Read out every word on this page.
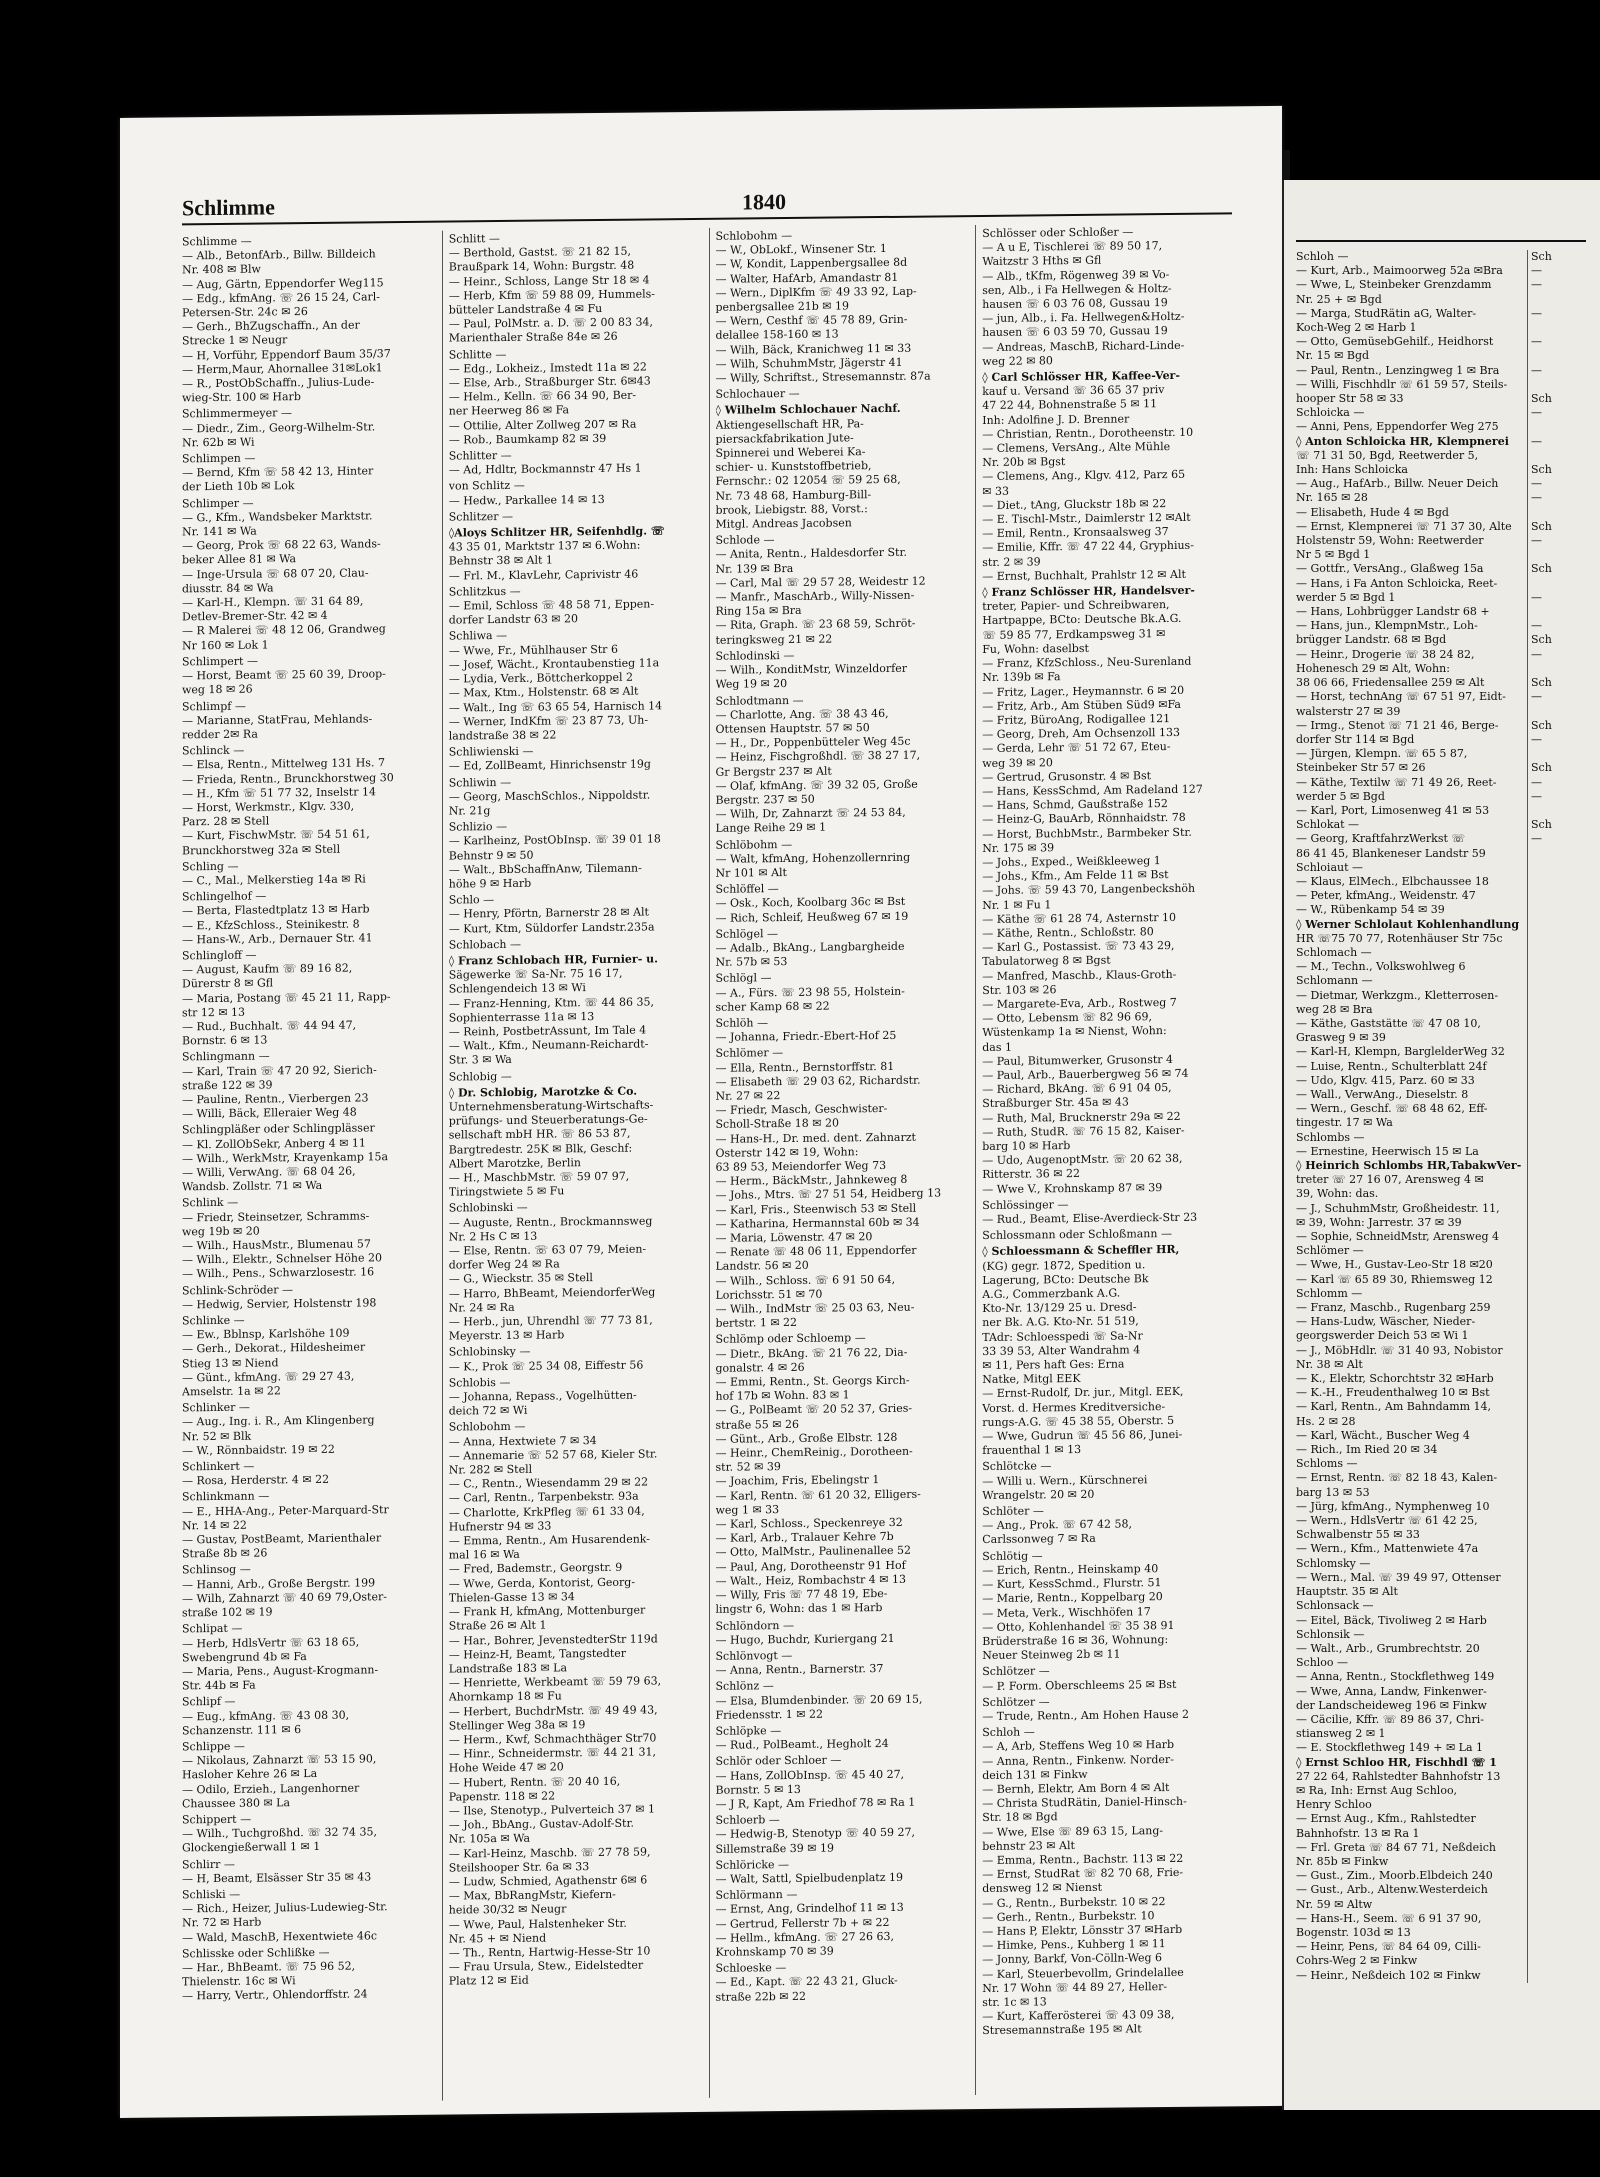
Schlimme	1840

Schlimme —

— Alb., BetonfArb., Billw. Billdeich

Nr. 408 ✉ Blw

— Aug, Gärtn, Eppendorfer Weg115

— Edg., kfmAng. ☏ 26 15 24, Carl-

Petersen-Str. 24c ✉ 26

— Gerh., BhZugschaffn., An der

Strecke 1 ✉ Neugr

— H, Vorführ, Eppendorf Baum 35/37

— Herm,Maur, Ahornallee 31✉Lok1

— R., PostObSchaffn., Julius-Lude-

wieg-Str. 100 ✉ Harb

Schlimmermeyer —

— Diedr., Zim., Georg-Wilhelm-Str.

Nr. 62b ✉ Wi

Schlimpen —

— Bernd, Kfm ☏ 58 42 13, Hinter

der Lieth 10b ✉ Lok

Schlimper —

— G., Kfm., Wandsbeker Marktstr.

Nr. 141 ✉ Wa

— Georg, Prok ☏ 68 22 63, Wands-

beker Allee 81 ✉ Wa

— Inge-Ursula ☏ 68 07 20, Clau-

diusstr. 84 ✉ Wa

— Karl-H., Klempn. ☏ 31 64 89,

Detlev-Bremer-Str. 42 ✉ 4

— R Malerei ☏ 48 12 06, Grandweg

Nr 160 ✉ Lok 1

Schlimpert —

— Horst, Beamt ☏ 25 60 39, Droop-

weg 18 ✉ 26

Schlimpf —

— Marianne, StatFrau, Mehlands-

redder 2✉ Ra

Schlinck —

— Elsa, Rentn., Mittelweg 131 Hs. 7

— Frieda, Rentn., Brunckhorstweg 30

— H., Kfm ☏ 51 77 32, Inselstr 14

— Horst, Werkmstr., Klgv. 330,

Parz. 28 ✉ Stell

— Kurt, FischwMstr. ☏ 54 51 61,

Brunckhorstweg 32a ✉ Stell

Schling —

— C., Mal., Melkerstieg 14a ✉ Ri

Schlingelhof —

— Berta, Flastedtplatz 13 ✉ Harb

— E., KfzSchloss., Steinikestr. 8

— Hans-W., Arb., Dernauer Str. 41

Schlingloff —

— August, Kaufm ☏ 89 16 82,

Dürerstr 8 ✉ Gfl

— Maria, Postang ☏ 45 21 11, Rapp-

str 12 ✉ 13

— Rud., Buchhalt. ☏ 44 94 47,

Bornstr. 6 ✉ 13

Schlingmann —

— Karl, Train ☏ 47 20 92, Sierich-

straße 122 ✉ 39

— Pauline, Rentn., Vierbergen 23

— Willi, Bäck, Elleraier Weg 48

Schlingpläßer oder Schlingplässer

— Kl. ZollObSekr, Anberg 4 ✉ 11

— Wilh., WerkMstr, Krayenkamp 15a

— Willi, VerwAng. ☏ 68 04 26,

Wandsb. Zollstr. 71 ✉ Wa

Schlink —

— Friedr, Steinsetzer, Schramms-

weg 19b ✉ 20

— Wilh., HausMstr., Blumenau 57

— Wilh., Elektr., Schnelser Höhe 20

— Wilh., Pens., Schwarzlosestr. 16

Schlink-Schröder —

— Hedwig, Servier, Holstenstr 198

Schlinke —

— Ew., Bblnsp, Karlshöhe 109

— Gerh., Dekorat., Hildesheimer

Stieg 13 ✉ Niend

— Günt., kfmAng. ☏ 29 27 43,

Amselstr. 1a ✉ 22

Schlinker —

— Aug., Ing. i. R., Am Klingenberg

Nr. 52 ✉ Blk

— W., Rönnbaidstr. 19 ✉ 22

Schlinkert —

— Rosa, Herderstr. 4 ✉ 22

Schlinkmann —

— E., HHA-Ang., Peter-Marquard-Str

Nr. 14 ✉ 22

— Gustav, PostBeamt, Marienthaler

Straße 8b ✉ 26

Schlinsog —

— Hanni, Arb., Große Bergstr. 199

— Wilh, Zahnarzt ☏ 40 69 79,Oster-

straße 102 ✉ 19

Schlipat —

— Herb, HdlsVertr ☏ 63 18 65,

Swebengrund 4b ✉ Fa

— Maria, Pens., August-Krogmann-

Str. 44b ✉ Fa

Schlipf —

— Eug., kfmAng. ☏ 43 08 30,

Schanzenstr. 111 ✉ 6

Schlippe —

— Nikolaus, Zahnarzt ☏ 53 15 90,

Hasloher Kehre 26 ✉ La

— Odilo, Erzieh., Langenhorner

Chaussee 380 ✉ La

Schippert —

— Wilh., Tuchgroßhd. ☏ 32 74 35,

Glockengießerwall 1 ✉ 1

Schlirr —

— H, Beamt, Elsässer Str 35 ✉ 43

Schliski —

— Rich., Heizer, Julius-Ludewieg-Str.

Nr. 72 ✉ Harb

— Wald, MaschB, Hexentwiete 46c

Schlisske oder Schlißke —

— Har., BhBeamt. ☏ 75 96 52,

Thielenstr. 16c ✉ Wi

— Harry, Vertr., Ohlendorffstr. 24

Schlitt —

— Berthold, Gastst. ☏ 21 82 15,

Braußpark 14, Wohn: Burgstr. 48

— Heinr., Schloss, Lange Str 18 ✉ 4

— Herb, Kfm ☏ 59 88 09, Hummels-

bütteler Landstraße 4 ✉ Fu

— Paul, PolMstr. a. D. ☏ 2 00 83 34,

Marienthaler Straße 84e ✉ 26

Schlitte —

— Edg., Lokheiz., Imstedt 11a ✉ 22

— Else, Arb., Straßburger Str. 6✉43

— Helm., Kelln. ☏ 66 34 90, Ber-

ner Heerweg 86 ✉ Fa

— Ottilie, Alter Zollweg 207 ✉ Ra

— Rob., Baumkamp 82 ✉ 39

Schlitter —

— Ad, Hdltr, Bockmannstr 47 Hs 1

von Schlitz —

— Hedw., Parkallee 14 ✉ 13

Schlitzer —

◊Aloys Schlitzer HR, Seifenhdlg. ☏

43 35 01, Marktstr 137 ✉ 6.Wohn:

Behnstr 38 ✉ Alt 1

— Frl. M., KlavLehr, Caprivistr 46

Schlitzkus —

— Emil, Schloss ☏ 48 58 71, Eppen-

dorfer Landstr 63 ✉ 20

Schliwa —

— Wwe, Fr., Mühlhauser Str 6

— Josef, Wächt., Krontaubenstieg 11a

— Lydia, Verk., Böttcherkoppel 2

— Max, Ktm., Holstenstr. 68 ✉ Alt

— Walt., Ing ☏ 63 65 54, Harnisch 14

— Werner, IndKfm ☏ 23 87 73, Uh-

landstraße 38 ✉ 22

Schliwienski —

— Ed, ZollBeamt, Hinrichsenstr 19g

Schliwin —

— Georg, MaschSchlos., Nippoldstr.

Nr. 21g

Schlizio —

— Karlheinz, PostObInsp. ☏ 39 01 18

Behnstr 9 ✉ 50

— Walt., BbSchaffnAnw, Tilemann-

höhe 9 ✉ Harb

Schlo —

— Henry, Pförtn, Barnerstr 28 ✉ Alt

— Kurt, Ktm, Süldorfer Landstr.235a

Schlobach —

◊ Franz Schlobach HR, Furnier- u.

Sägewerke ☏ Sa-Nr. 75 16 17,

Schlengendeich 13 ✉ Wi

— Franz-Henning, Ktm. ☏ 44 86 35,

Sophienterrasse 11a ✉ 13

— Reinh, PostbetrAssunt, Im Tale 4

— Walt., Kfm., Neumann-Reichardt-

Str. 3 ✉ Wa

Schlobig —

◊ Dr. Schlobig, Marotzke & Co.

Unternehmensberatung-Wirtschafts-

prüfungs- und Steuerberatungs-Ge-

sellschaft mbH HR. ☏ 86 53 87,

Bargtredestr. 25K ✉ Blk, Geschf:

Albert Marotzke, Berlin

— H., MaschbMstr. ☏ 59 07 97,

Tiringstwiete 5 ✉ Fu

Schlobinski —

— Auguste, Rentn., Brockmannsweg

Nr. 2 Hs C ✉ 13

— Else, Rentn. ☏ 63 07 79, Meien-

dorfer Weg 24 ✉ Ra

— G., Wieckstr. 35 ✉ Stell

— Harro, BhBeamt, MeiendorferWeg

Nr. 24 ✉ Ra

— Herb., jun, Uhrendhl ☏ 77 73 81,

Meyerstr. 13 ✉ Harb

Schlobinsky —

— K., Prok ☏ 25 34 08, Eiffestr 56

Schlobis —

— Johanna, Repass., Vogelhütten-

deich 72 ✉ Wi

Schlobohm —

— Anna, Hextwiete 7 ✉ 34

— Annemarie ☏ 52 57 68, Kieler Str.

Nr. 282 ✉ Stell

— C., Rentn., Wiesendamm 29 ✉ 22

— Carl, Rentn., Tarpenbekstr. 93a

— Charlotte, KrkPfleg ☏ 61 33 04,

Hufnerstr 94 ✉ 33

— Emma, Rentn., Am Husarendenk-

mal 16 ✉ Wa

— Fred, Bademstr., Georgstr. 9

— Wwe, Gerda, Kontorist, Georg-

Thielen-Gasse 13 ✉ 34

— Frank H, kfmAng, Mottenburger

Straße 26 ✉ Alt 1

— Har., Bohrer, JevenstedterStr 119d

— Heinz-H, Beamt, Tangstedter

Landstraße 183 ✉ La

— Henriette, Werkbeamt ☏ 59 79 63,

Ahornkamp 18 ✉ Fu

— Herbert, BuchdrMstr. ☏ 49 49 43,

Stellinger Weg 38a ✉ 19

— Herm., Kwf, Schmachthäger Str70

— Hinr., Schneidermstr. ☏ 44 21 31,

Hohe Weide 47 ✉ 20

— Hubert, Rentn. ☏ 20 40 16,

Papenstr. 118 ✉ 22

— Ilse, Stenotyp., Pulverteich 37 ✉ 1

— Joh., BbAng., Gustav-Adolf-Str.

Nr. 105a ✉ Wa

— Karl-Heinz, Maschb. ☏ 27 78 59,

Steilshooper Str. 6a ✉ 33

— Ludw, Schmied, Agathenstr 6✉ 6

— Max, BbRangMstr, Kiefern-

heide 30/32 ✉ Neugr

— Wwe, Paul, Halstenheker Str.

Nr. 45 + ✉ Niend

— Th., Rentn, Hartwig-Hesse-Str 10

— Frau Ursula, Stew., Eidelstedter

Platz 12 ✉ Eid

Schlobohm —

— W., ObLokf., Winsener Str. 1

— W, Kondit, Lappenbergsallee 8d

— Walter, HafArb, Amandastr 81

— Wern., DiplKfm ☏ 49 33 92, Lap-

penbergsallee 21b ✉ 19

— Wern, Cesthf ☏ 45 78 89, Grin-

delallee 158-160 ✉ 13

— Wilh, Bäck, Kranichweg 11 ✉ 33

— Wilh, SchuhmMstr, Jägerstr 41

— Willy, Schriftst., Stresemannstr. 87a

Schlochauer —

◊ Wilhelm Schlochauer Nachf.

Aktiengesellschaft HR, Pa-

piersackfabrikation Jute-

Spinnerei und Weberei Ka-

schier- u. Kunststoffbetrieb,

Fernschr.: 02 12054 ☏ 59 25 68,

Nr. 73 48 68, Hamburg-Bill-

brook, Liebigstr. 88, Vorst.:

Mitgl. Andreas Jacobsen

Schlode —

— Anita, Rentn., Haldesdorfer Str.

Nr. 139 ✉ Bra

— Carl, Mal ☏ 29 57 28, Weidestr 12

— Manfr., MaschArb., Willy-Nissen-

Ring 15a ✉ Bra

— Rita, Graph. ☏ 23 68 59, Schröt-

teringksweg 21 ✉ 22

Schlodinski —

— Wilh., KonditMstr, Winzeldorfer

Weg 19 ✉ 20

Schlodtmann —

— Charlotte, Ang. ☏ 38 43 46,

Ottensen Hauptstr. 57 ✉ 50

— H., Dr., Poppenbütteler Weg 45c

— Heinz, Fischgroßhdl. ☏ 38 27 17,

Gr Bergstr 237 ✉ Alt

— Olaf, kfmAng. ☏ 39 32 05, Große

Bergstr. 237 ✉ 50

— Wilh, Dr, Zahnarzt ☏ 24 53 84,

Lange Reihe 29 ✉ 1

Schlöbohm —

— Walt, kfmAng, Hohenzollernring

Nr 101 ✉ Alt

Schlöffel —

— Osk., Koch, Koolbarg 36c ✉ Bst

— Rich, Schleif, Heußweg 67 ✉ 19

Schlögel —

— Adalb., BkAng., Langbargheide

Nr. 57b ✉ 53

Schlögl —

— A., Fürs. ☏ 23 98 55, Holstein-

scher Kamp 68 ✉ 22

Schlöh —

— Johanna, Friedr.-Ebert-Hof 25

Schlömer —

— Ella, Rentn., Bernstorffstr. 81

— Elisabeth ☏ 29 03 62, Richardstr.

Nr. 27 ✉ 22

— Friedr, Masch, Geschwister-

Scholl-Straße 18 ✉ 20

— Hans-H., Dr. med. dent. Zahnarzt

Osterstr 142 ✉ 19, Wohn:

63 89 53, Meiendorfer Weg 73

— Herm., BäckMstr., Jahnkeweg 8

— Johs., Mtrs. ☏ 27 51 54, Heidberg 13

— Karl, Fris., Steenwisch 53 ✉ Stell

— Katharina, Hermannstal 60b ✉ 34

— Maria, Löwenstr. 47 ✉ 20

— Renate ☏ 48 06 11, Eppendorfer

Landstr. 56 ✉ 20

— Wilh., Schloss. ☏ 6 91 50 64,

Lorichsstr. 51 ✉ 70

— Wilh., IndMstr ☏ 25 03 63, Neu-

bertstr. 1 ✉ 22

Schlömp oder Schloemp —

— Dietr., BkAng. ☏ 21 76 22, Dia-

gonalstr. 4 ✉ 26

— Emmi, Rentn., St. Georgs Kirch-

hof 17b ✉ Wohn. 83 ✉ 1

— G., PolBeamt ☏ 20 52 37, Gries-

straße 55 ✉ 26

— Günt., Arb., Große Elbstr. 128

— Heinr., ChemReinig., Dorotheen-

str. 52 ✉ 39

— Joachim, Fris, Ebelingstr 1

— Karl, Rentn. ☏ 61 20 32, Elligers-

weg 1 ✉ 33

— Karl, Schloss., Speckenreye 32

— Karl, Arb., Tralauer Kehre 7b

— Otto, MalMstr., Paulinenallee 52

— Paul, Ang, Dorotheenstr 91 Hof

— Walt., Heiz, Rombachstr 4 ✉ 13

— Willy, Fris ☏ 77 48 19, Ebe-

lingstr 6, Wohn: das 1 ✉ Harb

Schlöndorn —

— Hugo, Buchdr, Kuriergang 21

Schlönvogt —

— Anna, Rentn., Barnerstr. 37

Schlönz —

— Elsa, Blumdenbinder. ☏ 20 69 15,

Friedensstr. 1 ✉ 22

Schlöpke —

— Rud., PolBeamt., Hegholt 24

Schlör oder Schloer —

— Hans, ZollObInsp. ☏ 45 40 27,

Bornstr. 5 ✉ 13

— J R, Kapt, Am Friedhof 78 ✉ Ra 1

Schloerb —

— Hedwig-B, Stenotyp ☏ 40 59 27,

Sillemstraße 39 ✉ 19

Schlöricke —

— Walt, Sattl, Spielbudenplatz 19

Schlörmann —

— Ernst, Ang, Grindelhof 11 ✉ 13

— Gertrud, Fellerstr 7b + ✉ 22

— Hellm., kfmAng. ☏ 27 26 63,

Krohnskamp 70 ✉ 39

Schloeske —

— Ed., Kapt. ☏ 22 43 21, Gluck-

straße 22b ✉ 22

Schlösser oder Schloßer —

— A u E, Tischlerei ☏ 89 50 17,

Waitzstr 3 Hths ✉ Gfl

— Alb., tKfm, Rögenweg 39 ✉ Vo-

sen, Alb., i Fa Hellwegen & Holtz-

hausen ☏ 6 03 76 08, Gussau 19

— jun, Alb., i. Fa. Hellwegen&Holtz-

hausen ☏ 6 03 59 70, Gussau 19

— Andreas, MaschB, Richard-Linde-

weg 22 ✉ 80

◊ Carl Schlösser HR, Kaffee-Ver-

kauf u. Versand ☏ 36 65 37 priv

47 22 44, Bohnenstraße 5 ✉ 11

Inh: Adolfine J. D. Brenner

— Christian, Rentn., Dorotheenstr. 10

— Clemens, VersAng., Alte Mühle

Nr. 20b ✉ Bgst

— Clemens, Ang., Klgv. 412, Parz 65

✉ 33

— Diet., tAng, Gluckstr 18b ✉ 22

— E. Tischl-Mstr., Daimlerstr 12 ✉Alt

— Emil, Rentn., Kronsaalsweg 37

— Emilie, Kffr. ☏ 47 22 44, Gryphius-

str. 2 ✉ 39

— Ernst, Buchhalt, Prahlstr 12 ✉ Alt

◊ Franz Schlösser HR, Handelsver-

treter, Papier- und Schreibwaren,

Hartpappe, BCto: Deutsche Bk.A.G.

☏ 59 85 77, Erdkampsweg 31 ✉

Fu, Wohn: daselbst

— Franz, KfzSchloss., Neu-Surenland

Nr. 139b ✉ Fa

— Fritz, Lager., Heymannstr. 6 ✉ 20

— Fritz, Arb., Am Stüben Süd9 ✉Fa

— Fritz, BüroAng, Rodigallee 121

— Georg, Dreh, Am Ochsenzoll 133

— Gerda, Lehr ☏ 51 72 67, Eteu-

weg 39 ✉ 20

— Gertrud, Grusonstr. 4 ✉ Bst

— Hans, KessSchmd, Am Radeland 127

— Hans, Schmd, Gaußstraße 152

— Heinz-G, BauArb, Rönnhaidstr. 78

— Horst, BuchbMstr., Barmbeker Str.

Nr. 175 ✉ 39

— Johs., Exped., Weißkleeweg 1

— Johs., Kfm., Am Felde 11 ✉ Bst

— Johs. ☏ 59 43 70, Langenbeckshöh

Nr. 1 ✉ Fu 1

— Käthe ☏ 61 28 74, Asternstr 10

— Käthe, Rentn., Schloßstr. 80

— Karl G., Postassist. ☏ 73 43 29,

Tabulatorweg 8 ✉ Bgst

— Manfred, Maschb., Klaus-Groth-

Str. 103 ✉ 26

— Margarete-Eva, Arb., Rostweg 7

— Otto, Lebensm ☏ 82 96 69,

Wüstenkamp 1a ✉ Nienst, Wohn:

das 1

— Paul, Bitumwerker, Grusonstr 4

— Paul, Arb., Bauerbergweg 56 ✉ 74

— Richard, BkAng. ☏ 6 91 04 05,

Straßburger Str. 45a ✉ 43

— Ruth, Mal, Brucknerstr 29a ✉ 22

— Ruth, StudR. ☏ 76 15 82, Kaiser-

barg 10 ✉ Harb

— Udo, AugenoptMstr. ☏ 20 62 38,

Ritterstr. 36 ✉ 22

— Wwe V., Krohnskamp 87 ✉ 39

Schlössinger —

— Rud., Beamt, Elise-Averdieck-Str 23

Schlossmann oder Schloßmann —

◊ Schloessmann & Scheffler HR,

(KG) gegr. 1872, Spedition u.

Lagerung, BCto: Deutsche Bk

A.G., Commerzbank A.G.

Kto-Nr. 13/129 25 u. Dresd-

ner Bk. A.G. Kto-Nr. 51 519,

TAdr: Schloesspedi ☏ Sa-Nr

33 39 53, Alter Wandrahm 4

✉ 11, Pers haft Ges: Erna

Natke, Mitgl EEK

— Ernst-Rudolf, Dr. jur., Mitgl. EEK,

Vorst. d. Hermes Kreditversiche-

rungs-A.G. ☏ 45 38 55, Oberstr. 5

— Wwe, Gudrun ☏ 45 56 86, Junei-

frauenthal 1 ✉ 13

Schlötcke —

— Willi u. Wern., Kürschnerei

Wrangelstr. 20 ✉ 20

Schlöter —

— Ang., Prok. ☏ 67 42 58,

Carlssonweg 7 ✉ Ra

Schlötig —

— Erich, Rentn., Heinskamp 40

— Kurt, KessSchmd., Flurstr. 51

— Marie, Rentn., Koppelbarg 20

— Meta, Verk., Wischhöfen 17

— Otto, Kohlenhandel ☏ 35 38 91

Brüderstraße 16 ✉ 36, Wohnung:

Neuer Steinweg 2b ✉ 11

Schlötzer —

— P. Form. Oberschleems 25 ✉ Bst

Schlötzer —

— Trude, Rentn., Am Hohen Hause 2

Schloh —

— A, Arb, Steffens Weg 10 ✉ Harb

— Anna, Rentn., Finkenw. Norder-

deich 131 ✉ Finkw

— Bernh, Elektr, Am Born 4 ✉ Alt

— Christa StudRätin, Daniel-Hinsch-

Str. 18 ✉ Bgd

— Wwe, Else ☏ 89 63 15, Lang-

behnstr 23 ✉ Alt

— Emma, Rentn., Bachstr. 113 ✉ 22

— Ernst, StudRat ☏ 82 70 68, Frie-

densweg 12 ✉ Nienst

— G., Rentn., Burbekstr. 10 ✉ 22

— Gerh., Rentn., Burbekstr. 10

— Hans P, Elektr, Lönsstr 37 ✉Harb

— Himke, Pens., Kuhberg 1 ✉ 11

— Jonny, Barkf, Von-Cölln-Weg 6

— Karl, Steuerbevollm, Grindelallee

Nr. 17 Wohn ☏ 44 89 27, Heller-

str. 1c ✉ 13

— Kurt, Kafferösterei ☏ 43 09 38,

Stresemannstraße 195 ✉ Alt

Schloh —

— Kurt, Arb., Maimoorweg 52a ✉Bra

— Wwe, L, Steinbeker Grenzdamm

Nr. 25 + ✉ Bgd

— Marga, StudRätin aG, Walter-

Koch-Weg 2 ✉ Harb 1

— Otto, GemüsebGehilf., Heidhorst

Nr. 15 ✉ Bgd

— Paul, Rentn., Lenzingweg 1 ✉ Bra

— Willi, Fischhdlr ☏ 61 59 57, Steils-

hooper Str 58 ✉ 33

Schloicka —

— Anni, Pens, Eppendorfer Weg 275

◊ Anton Schloicka HR, Klempnerei

☏ 71 31 50, Bgd, Reetwerder 5,

Inh: Hans Schloicka

— Aug., HafArb., Billw. Neuer Deich

Nr. 165 ✉ 28

— Elisabeth, Hude 4 ✉ Bgd

— Ernst, Klempnerei ☏ 71 37 30, Alte

Holstenstr 59, Wohn: Reetwerder

Nr 5 ✉ Bgd 1

— Gottfr., VersAng., Glaßweg 15a

— Hans, i Fa Anton Schloicka, Reet-

werder 5 ✉ Bgd 1

— Hans, Lohbrügger Landstr 68 +

— Hans, jun., KlempnMstr., Loh-

brügger Landstr. 68 ✉ Bgd

— Heinr., Drogerie ☏ 38 24 82,

Hohenesch 29 ✉ Alt, Wohn:

38 06 66, Friedensallee 259 ✉ Alt

— Horst, technAng ☏ 67 51 97, Eidt-

walsterstr 27 ✉ 39

— Irmg., Stenot ☏ 71 21 46, Berge-

dorfer Str 114 ✉ Bgd

— Jürgen, Klempn. ☏ 65 5 87,

Steinbeker Str 57 ✉ 26

— Käthe, Textilw ☏ 71 49 26, Reet-

werder 5 ✉ Bgd

— Karl, Port, Limosenweg 41 ✉ 53

Schlokat —

— Georg, KraftfahrzWerkst ☏

86 41 45, Blankeneser Landstr 59

Schloiaut —

— Klaus, ElMech., Elbchaussee 18

— Peter, kfmAng., Weidenstr. 47

— W., Rübenkamp 54 ✉ 39

◊ Werner Schlolaut Kohlenhandlung

HR ☏75 70 77, Rotenhäuser Str 75c

Schlomach —

— M., Techn., Volkswohlweg 6

Schlomann —

— Dietmar, Werkzgm., Kletterrosen-

weg 28 ✉ Bra

— Käthe, Gaststätte ☏ 47 08 10,

Grasweg 9 ✉ 39

— Karl-H, Klempn, BarglelderWeg 32

— Luise, Rentn., Schulterblatt 24f

— Udo, Klgv. 415, Parz. 60 ✉ 33

— Wall., VerwAng., Dieselstr. 8

— Wern., Geschf. ☏ 68 48 62, Eff-

tingestr. 17 ✉ Wa

Schlombs —

— Ernestine, Heerwisch 15 ✉ La

◊ Heinrich Schlombs HR,TabakwVer-

treter ☏ 27 16 07, Arensweg 4 ✉

39, Wohn: das.

— J., SchuhmMstr, Großheidestr. 11,

✉ 39, Wohn: Jarrestr. 37 ✉ 39

— Sophie, SchneidMstr, Arensweg 4

Schlömer —

— Wwe, H., Gustav-Leo-Str 18 ✉20

— Karl ☏ 65 89 30, Rhiemsweg 12

Schlomm —

— Franz, Maschb., Rugenbarg 259

— Hans-Ludw, Wäscher, Nieder-

georgswerder Deich 53 ✉ Wi 1

— J., MöbHdlr. ☏ 31 40 93, Nobistor

Nr. 38 ✉ Alt

— K., Elektr, Schorchtstr 32 ✉Harb

— K.-H., Freudenthalweg 10 ✉ Bst

— Karl, Rentn., Am Bahndamm 14,

Hs. 2 ✉ 28

— Karl, Wächt., Buscher Weg 4

— Rich., Im Ried 20 ✉ 34

Schloms —

— Ernst, Rentn. ☏ 82 18 43, Kalen-

barg 13 ✉ 53

— Jürg, kfmAng., Nymphenweg 10

— Wern., HdlsVertr ☏ 61 42 25,

Schwalbenstr 55 ✉ 33

— Wern., Kfm., Mattenwiete 47a

Schlomsky —

— Wern., Mal. ☏ 39 49 97, Ottenser

Hauptstr. 35 ✉ Alt

Schlonsack —

— Eitel, Bäck, Tivoliweg 2 ✉ Harb

Schlonsik —

— Walt., Arb., Grumbrechtstr. 20

Schloo —

— Anna, Rentn., Stockflethweg 149

— Wwe, Anna, Landw, Finkenwer-

der Landscheideweg 196 ✉ Finkw

— Cäcilie, Kffr. ☏ 89 86 37, Chri-

stiansweg 2 ✉ 1

— E. Stockflethweg 149 + ✉ La 1

◊ Ernst Schloo HR, Fischhdl ☏ 1

27 22 64, Rahlstedter Bahnhofstr 13

✉ Ra, Inh: Ernst Aug Schloo,

Henry Schloo

— Ernst Aug., Kfm., Rahlstedter

Bahnhofstr. 13 ✉ Ra 1

— Frl. Greta ☏ 84 67 71, Neßdeich

Nr. 85b ✉ Finkw

— Gust., Zim., Moorb.Elbdeich 240

— Gust., Arb., Altenw.Westerdeich

Nr. 59 ✉ Altw

— Hans-H., Seem. ☏ 6 91 37 90,

Bogenstr. 103d ✉ 13

— Heinr, Pens, ☏ 84 64 09, Cilli-

Cohrs-Weg 2 ✉ Finkw

— Heinr., Neßdeich 102 ✉ Finkw

Sch

—

—

—

—

—

Sch

—

—

Sch

—

—

Sch

—

Sch

—

—

Sch

—

Sch

—

Sch

—

Sch

—

—

Sch

—
